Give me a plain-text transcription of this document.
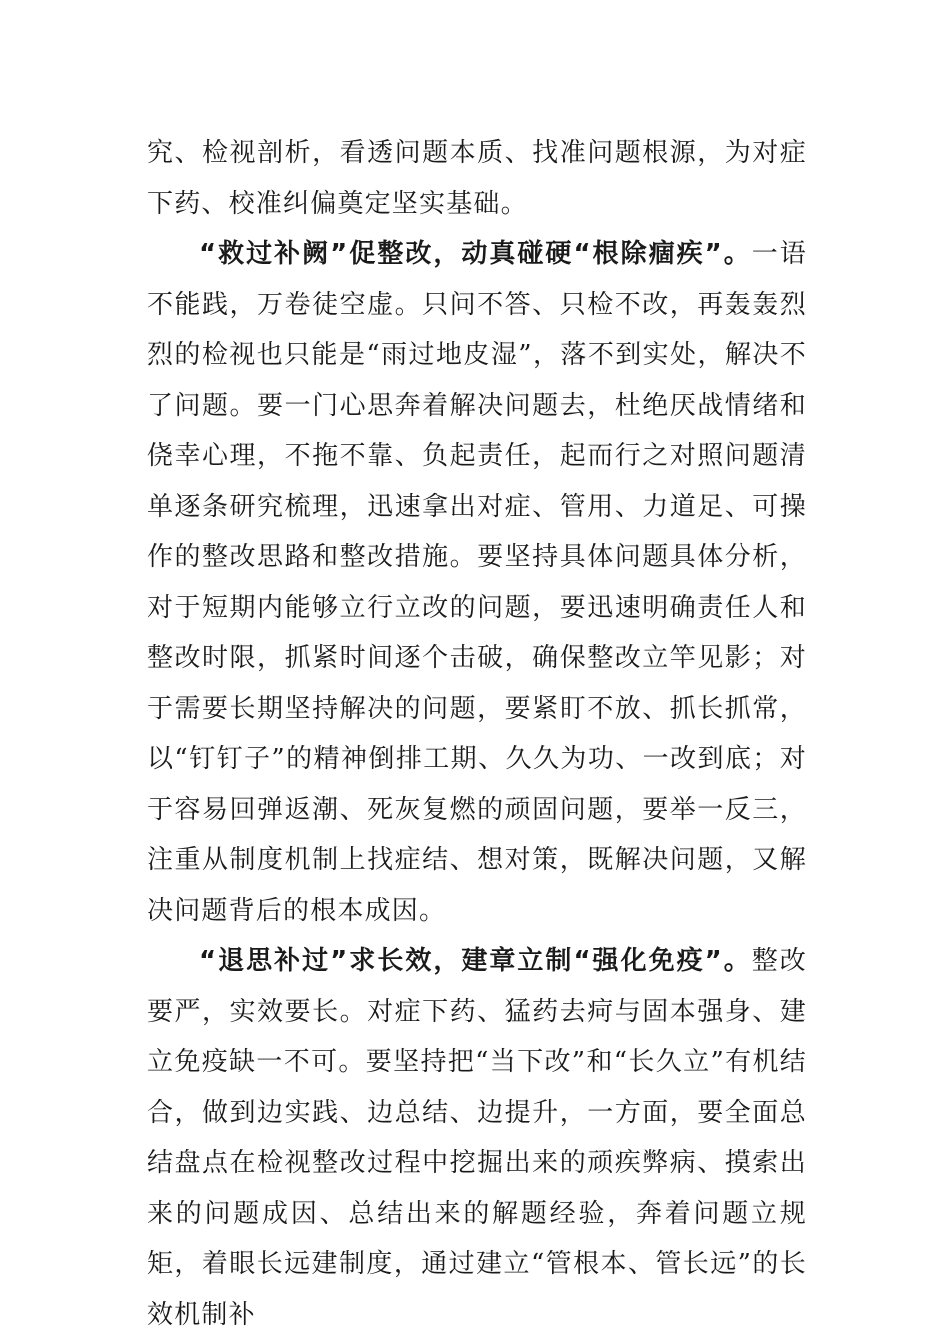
究、检视剖析，看透问题本质、找准问题根源，为对症下药、校准纠偏奠定坚实基础。

“救过补阙”促整改，动真碰硬“根除痼疾”。一语不能践，万卷徒空虚。只问不答、只检不改，再轰轰烈烈的检视也只能是“雨过地皮湿”，落不到实处，解决不了问题。要一门心思奔着解决问题去，杜绝厌战情绪和侥幸心理，不拖不靠、负起责任，起而行之对照问题清单逐条研究梳理，迅速拿出对症、管用、力道足、可操作的整改思路和整改措施。要坚持具体问题具体分析，对于短期内能够立行立改的问题，要迅速明确责任人和整改时限，抓紧时间逐个击破，确保整改立竿见影；对于需要长期坚持解决的问题，要紧盯不放、抓长抓常，以“钉钉子”的精神倒排工期、久久为功、一改到底；对于容易回弹返潮、死灰复燃的顽固问题，要举一反三，注重从制度机制上找症结、想对策，既解决问题，又解决问题背后的根本成因。

“退思补过”求长效，建章立制“强化免疫”。整改要严，实效要长。对症下药、猛药去疴与固本强身、建立免疫缺一不可。要坚持把“当下改”和“长久立”有机结合，做到边实践、边总结、边提升，一方面，要全面总结盘点在检视整改过程中挖掘出来的顽疾弊病、摸索出来的问题成因、总结出来的解题经验，奔着问题立规矩，着眼长远建制度，通过建立“管根本、管长远”的长效机制补
